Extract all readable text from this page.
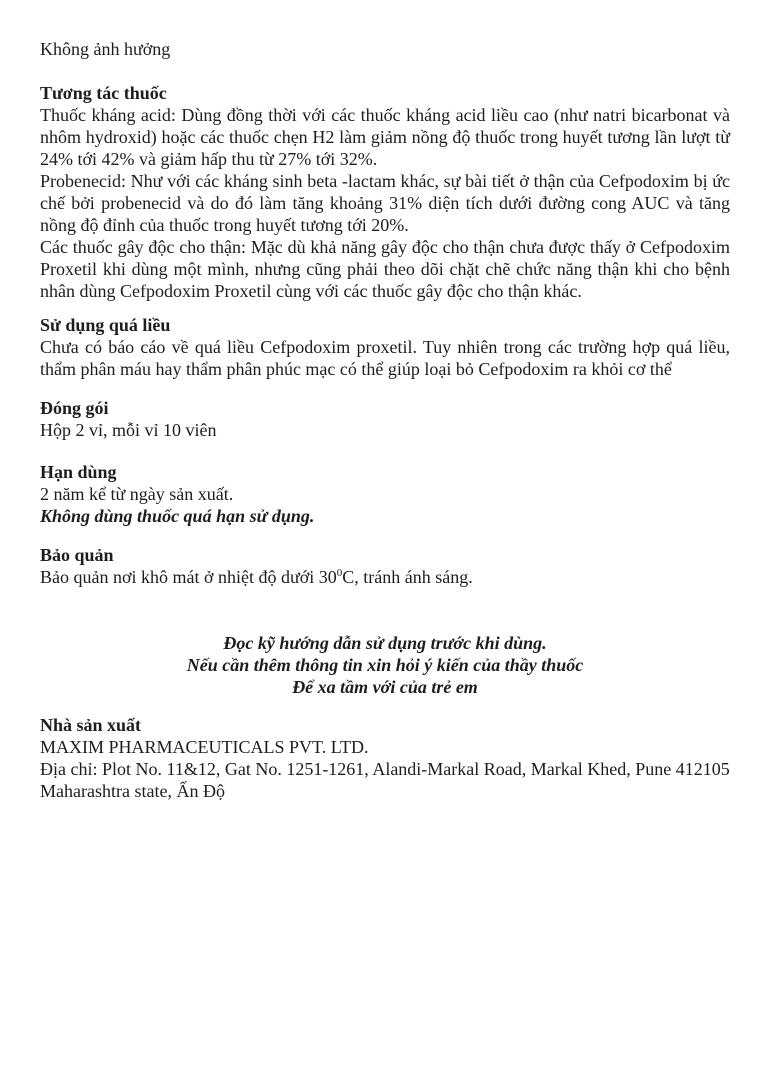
Không ảnh hưởng

Tương tác thuốc

Thuốc kháng acid: Dùng đồng thời với các thuốc kháng acid liều cao (như natri bicarbonat và nhôm hydroxid) hoặc các thuốc chẹn H2 làm giảm nồng độ thuốc trong huyết tương lần lượt từ 24% tới 42% và giảm hấp thu từ 27% tới 32%.

Probenecid: Như với các kháng sinh beta -lactam khác, sự bài tiết ở thận của Cefpodoxim bị ức chế bởi probenecid và do đó làm tăng khoảng 31% diện tích dưới đường cong AUC và tăng nồng độ đỉnh của thuốc trong huyết tương tới 20%.

Các thuốc gây độc cho thận: Mặc dù khả năng gây độc cho thận chưa được thấy ở Cefpodoxim Proxetil khi dùng một mình, nhưng cũng phải theo dõi chặt chẽ chức năng thận khi cho bệnh nhân dùng Cefpodoxim Proxetil cùng với các thuốc gây độc cho thận khác.

Sử dụng quá liều

Chưa có báo cáo về quá liều Cefpodoxim proxetil. Tuy nhiên trong các trường hợp quá liều, thẩm phân máu hay thẩm phân phúc mạc có thể giúp loại bỏ Cefpodoxim ra khỏi cơ thể

Đóng gói

Hộp 2 vỉ, mỗi vỉ 10 viên

Hạn dùng

2 năm kể từ ngày sản xuất.

Không dùng thuốc quá hạn sử dụng.

Bảo quản

Bảo quản nơi khô mát ở nhiệt độ dưới $30^0C$, tránh ánh sáng.

Đọc kỹ hướng dẫn sử dụng trước khi dùng.

Nếu cần thêm thông tin xin hỏi ý kiến của thầy thuốc

Để xa tầm với của trẻ em

Nhà sản xuất

MAXIM PHARMACEUTICALS PVT. LTD.

Địa chỉ: Plot No. 11&12, Gat No. 1251-1261, Alandi-Markal Road, Markal Khed, Pune 412105

Maharashtra state, Ấn Độ
